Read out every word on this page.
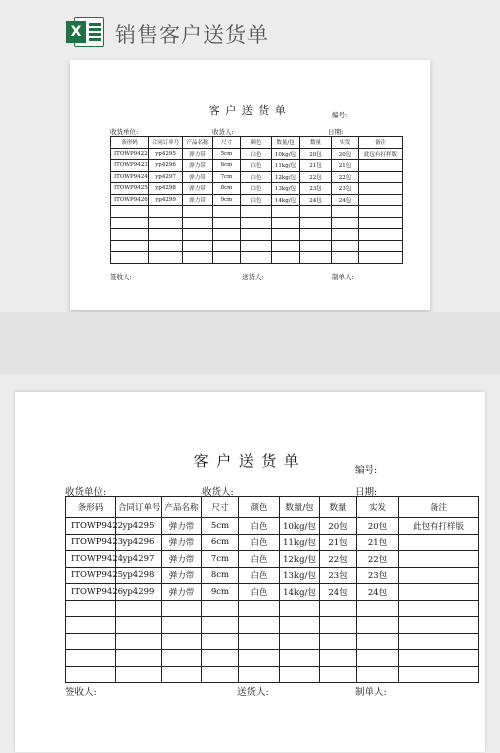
X 销售客户送货单
客户送货单	编号:
收货单位:	收货人:	日期:
条形码	合同订单号	产品名称	尺寸	颜色	数量/包	数量	实发	备注
ITOWP9422	yp4295	弹力带	5cm	白色	10kg/包	20包	20包	此包有打样版
ITOWP9423	yp4296	弹力带	6cm	白色	11kg/包	21包	21包	
ITOWP9424	yp4297	弹力带	7cm	白色	12kg/包	22包	22包	
ITOWP9425	yp4298	弹力带	8cm	白色	13kg/包	23包	23包	
ITOWP9426	yp4299	弹力带	9cm	白色	14kg/包	24包	24包	

签收人:	送货人:	制单人:
客户送货单
编号:
收货单位:	收货人:	日期:
条形码	合同订单号	产品名称	尺寸	颜色	数量/包	数量	实发	备注
ITOWP9422	yp4295	弹力带	5cm	白色	10kg/包	20包	20包	此包有打样版
ITOWP9423	yp4296	弹力带	6cm	白色	11kg/包	21包	21包	
ITOWP9424	yp4297	弹力带	7cm	白色	12kg/包	22包	22包	
ITOWP9425	yp4298	弹力带	8cm	白色	13kg/包	23包	23包	
ITOWP9426	yp4299	弹力带	9cm	白色	14kg/包	24包	24包	

签收人:	送货人:	制单人:
